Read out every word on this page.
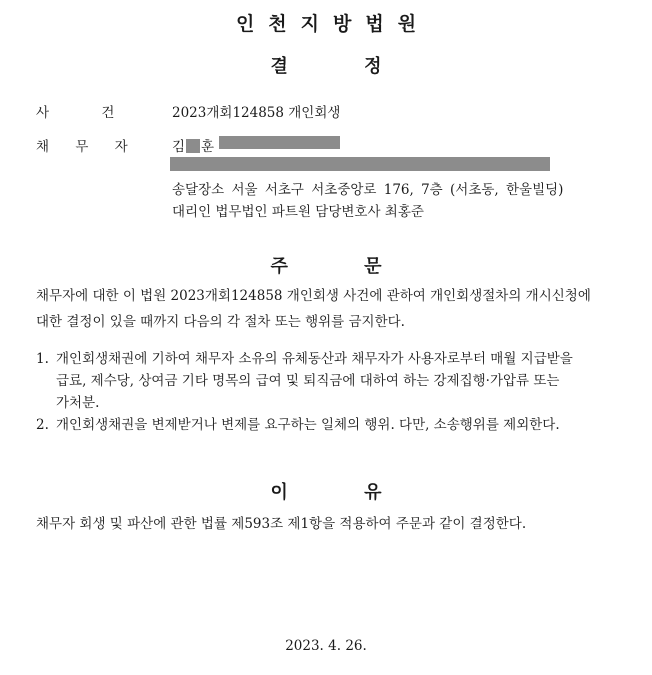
인천지방법원
결 정
사 건	2023개회124858 개인회생
채 무 자	김 훈
송달장소 서울 서초구 서초중앙로 176, 7층 (서초동, 한울빌딩)
대리인 법무법인 파트원 담당변호사 최홍준
주 문
채무자에 대한 이 법원 2023개회124858 개인회생 사건에 관하여 개인회생절차의 개시신청에 대한 결정이 있을 때까지 다음의 각 절차 또는 행위를 금지한다.
1. 개인회생채권에 기하여 채무자 소유의 유체동산과 채무자가 사용자로부터 매월 지급받을 급료, 제수당, 상여금 기타 명목의 급여 및 퇴직금에 대하여 하는 강제집행·가압류 또는 가처분.
2. 개인회생채권을 변제받거나 변제를 요구하는 일체의 행위. 다만, 소송행위를 제외한다.
이 유
채무자 회생 및 파산에 관한 법률 제593조 제1항을 적용하여 주문과 같이 결정한다.
2023. 4. 26.
